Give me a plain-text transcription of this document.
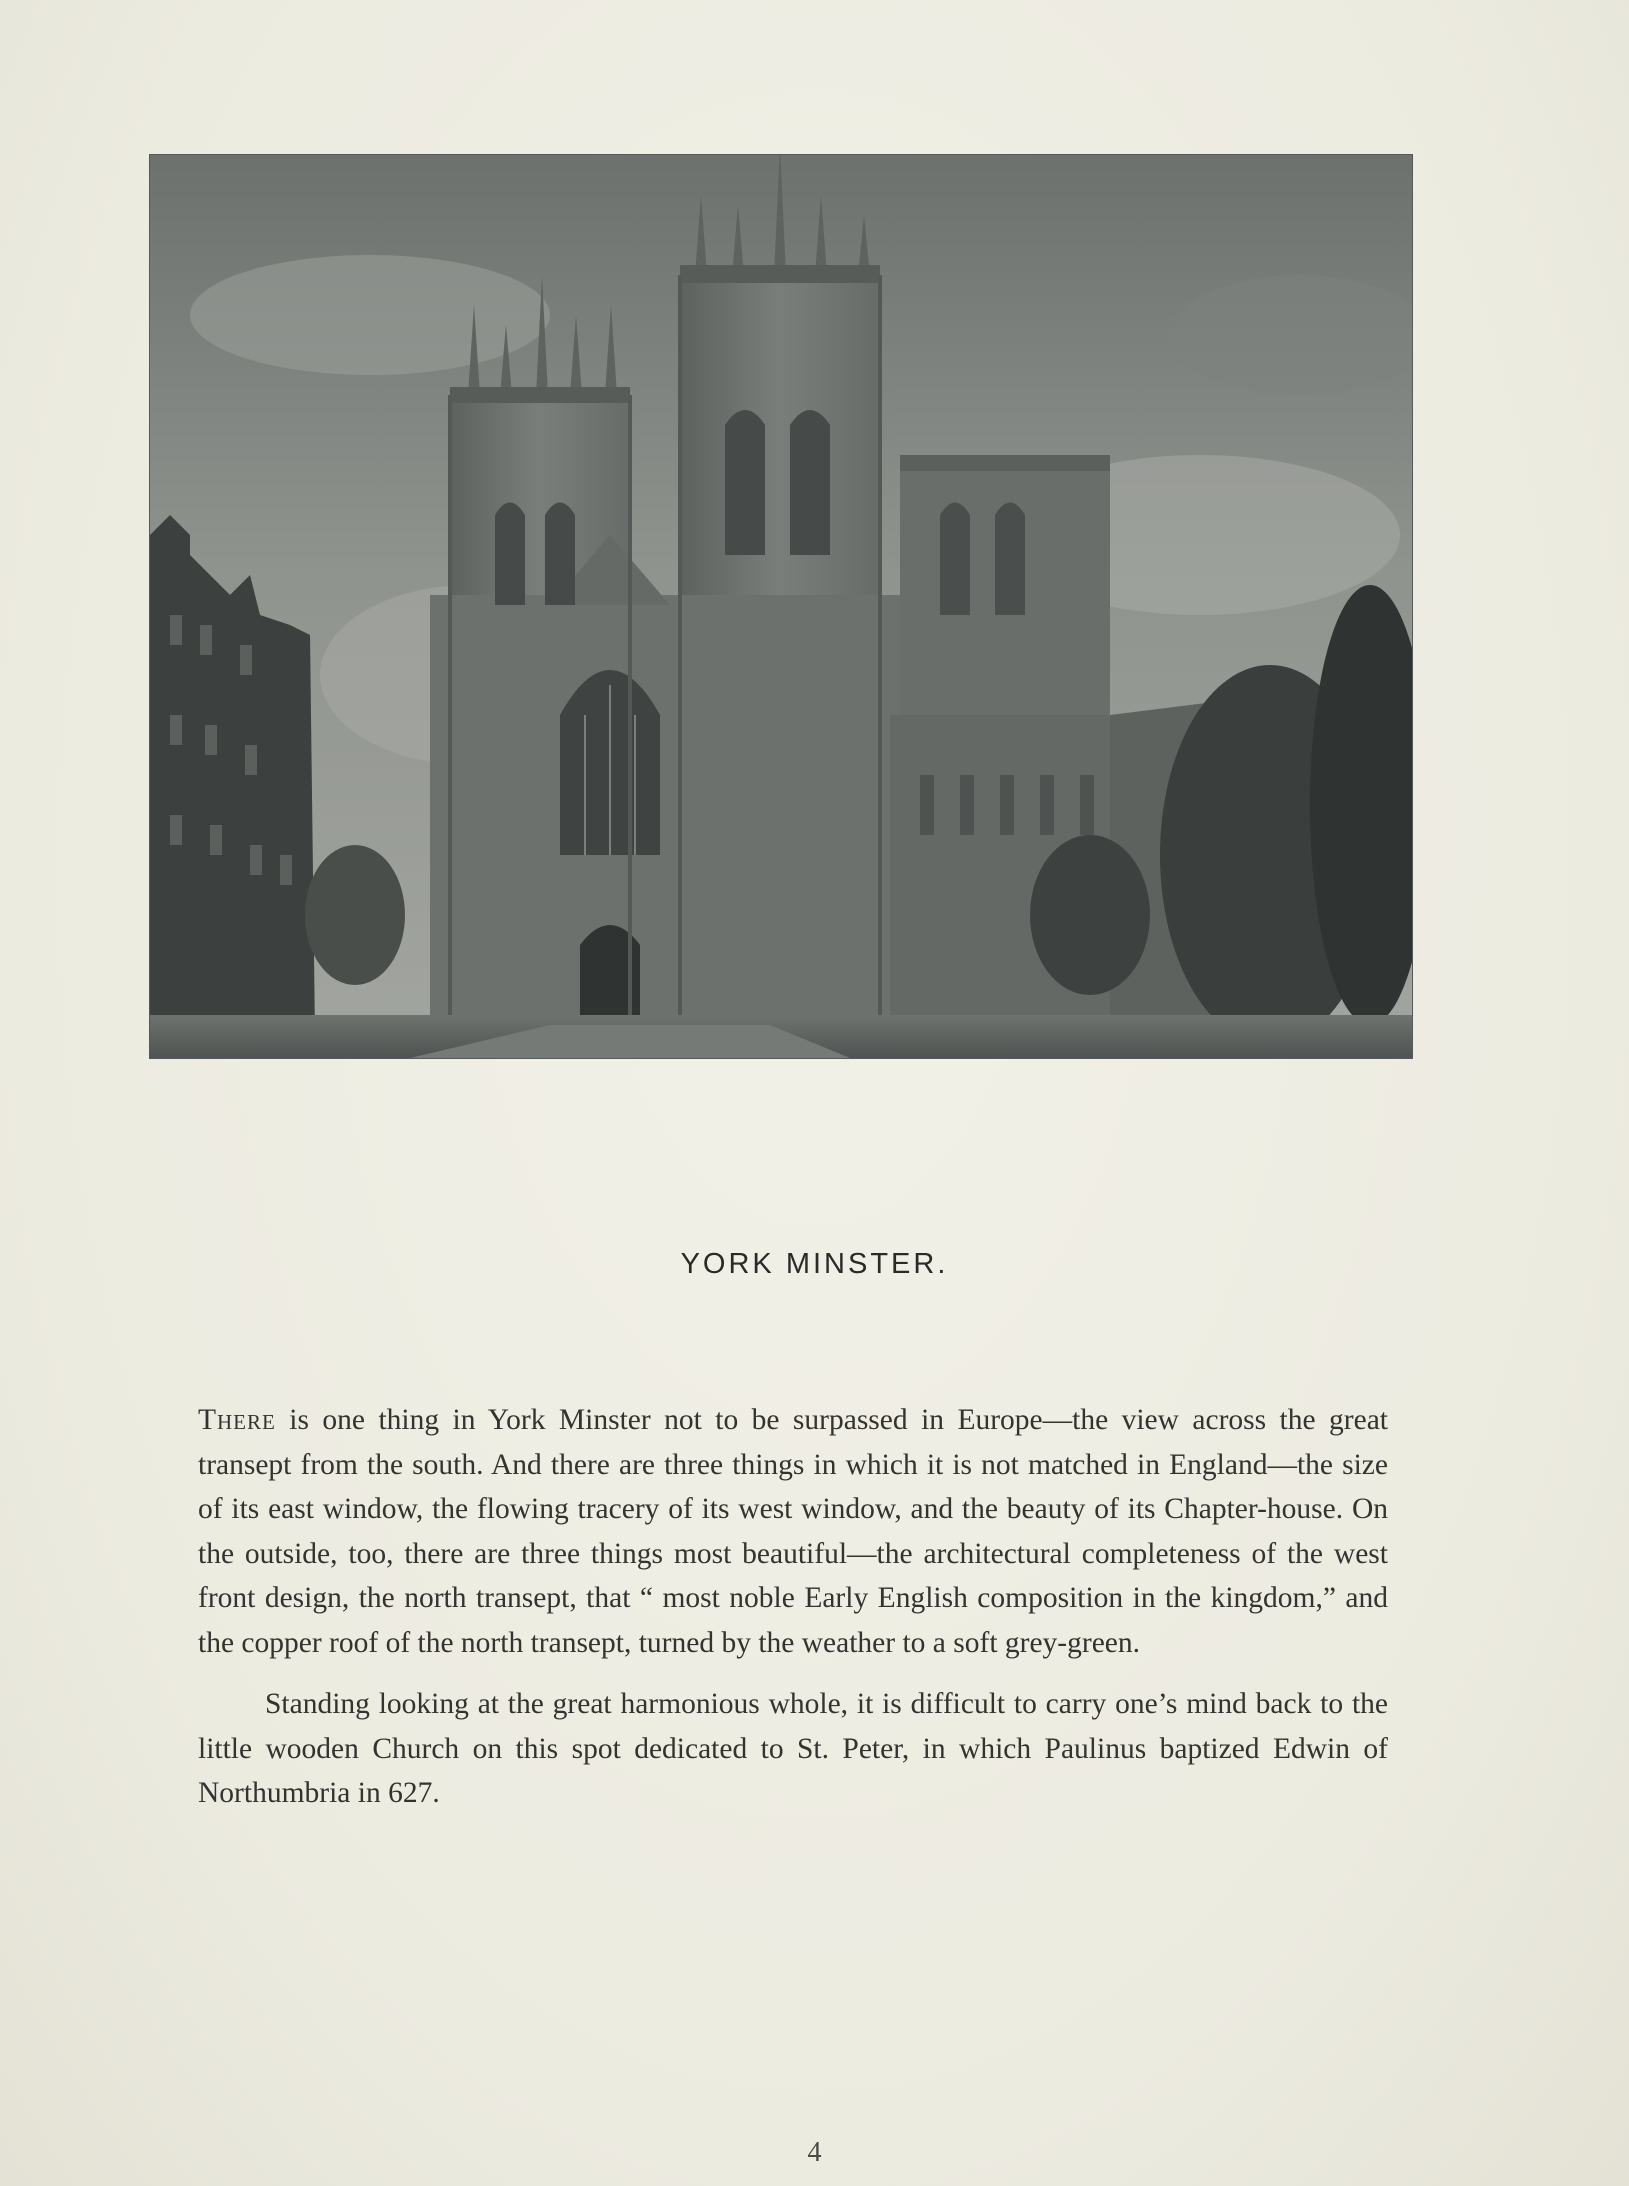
YORK MINSTER.

There is one thing in York Minster not to be surpassed in Europe—the view across the great transept from the south. And there are three things in which it is not matched in England—the size of its east window, the flowing tracery of its west window, and the beauty of its Chapter-house. On the outside, too, there are three things most beautiful—the architectural completeness of the west front design, the north transept, that “ most noble Early English composition in the kingdom,” and the copper roof of the north transept, turned by the weather to a soft grey-green.

Standing looking at the great harmonious whole, it is difficult to carry one’s mind back to the little wooden Church on this spot dedicated to St. Peter, in which Paulinus baptized Edwin of Northumbria in 627.

4
